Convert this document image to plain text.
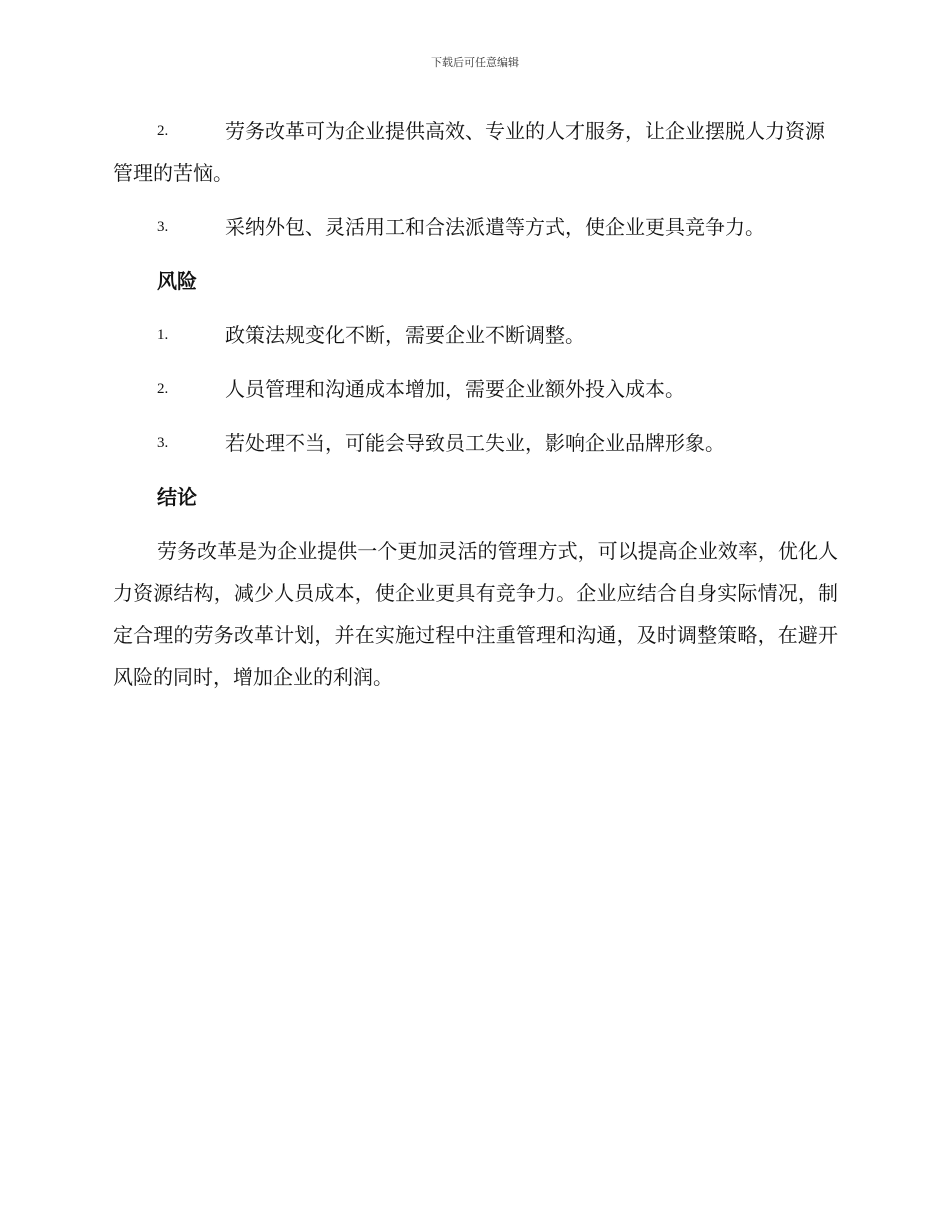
下载后可任意编辑
2.	劳务改革可为企业提供高效、专业的人才服务，让企业摆脱人力资源管理的苦恼。
3.	采纳外包、灵活用工和合法派遣等方式，使企业更具竞争力。
风险
1.	政策法规变化不断，需要企业不断调整。
2.	人员管理和沟通成本增加，需要企业额外投入成本。
3.	若处理不当，可能会导致员工失业，影响企业品牌形象。
结论

劳务改革是为企业提供一个更加灵活的管理方式，可以提高企业效率，优化人力资源结构，减少人员成本，使企业更具有竞争力。企业应结合自身实际情况，制定合理的劳务改革计划，并在实施过程中注重管理和沟通，及时调整策略，在避开风险的同时，增加企业的利润。
